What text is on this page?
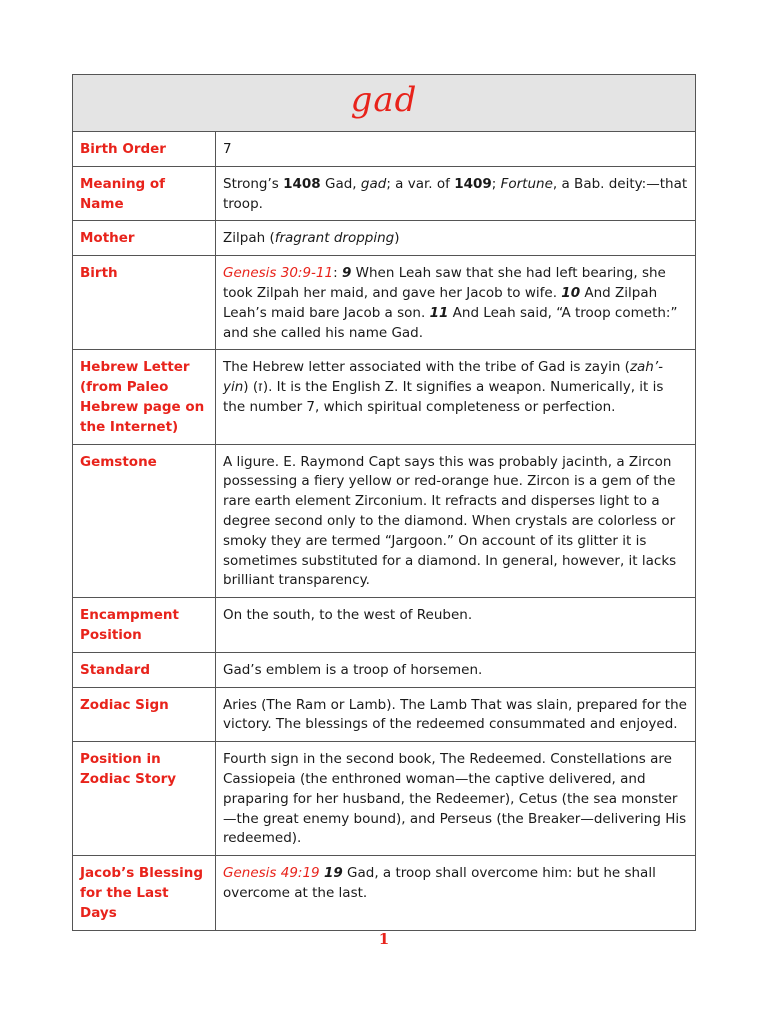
gad	
Birth Order	7
Meaning of Name	Strong’s 1408 Gad, gad; a var. of 1409; Fortune, a Bab. deity:—that troop.
Mother	Zilpah (fragrant dropping)
Birth	Genesis 30:9-11: 9 When Leah saw that she had left bearing, she took Zilpah her maid, and gave her Jacob to wife. 10 And Zilpah Leah’s maid bare Jacob a son. 11 And Leah said, “A troop cometh:” and she called his name Gad.
Hebrew Letter (from Paleo Hebrew page on the Internet)	The Hebrew letter associated with the tribe of Gad is zayin (zah’-yin) (ז). It is the English Z. It signifies a weapon. Numerically, it is the number 7, which spiritual completeness or perfection.
Gemstone	A ligure. E. Raymond Capt says this was probably jacinth, a Zircon possessing a fiery yellow or red-orange hue. Zircon is a gem of the rare earth element Zirconium. It refracts and disperses light to a degree second only to the diamond. When crystals are colorless or smoky they are termed “Jargoon.” On account of its glitter it is sometimes substituted for a diamond. In general, however, it lacks brilliant transparency.
Encampment Position	On the south, to the west of Reuben.
Standard	Gad’s emblem is a troop of horsemen.
Zodiac Sign	Aries (The Ram or Lamb). The Lamb That was slain, prepared for the victory. The blessings of the redeemed consummated and enjoyed.
Position in Zodiac Story	Fourth sign in the second book, The Redeemed. Constellations are Cassiopeia (the enthroned woman—the captive delivered, and praparing for her husband, the Redeemer), Cetus (the sea monster—the great enemy bound), and Perseus (the Breaker—delivering His redeemed).
Jacob’s Blessing for the Last Days	Genesis 49:19 19 Gad, a troop shall overcome him: but he shall overcome at the last.
1
